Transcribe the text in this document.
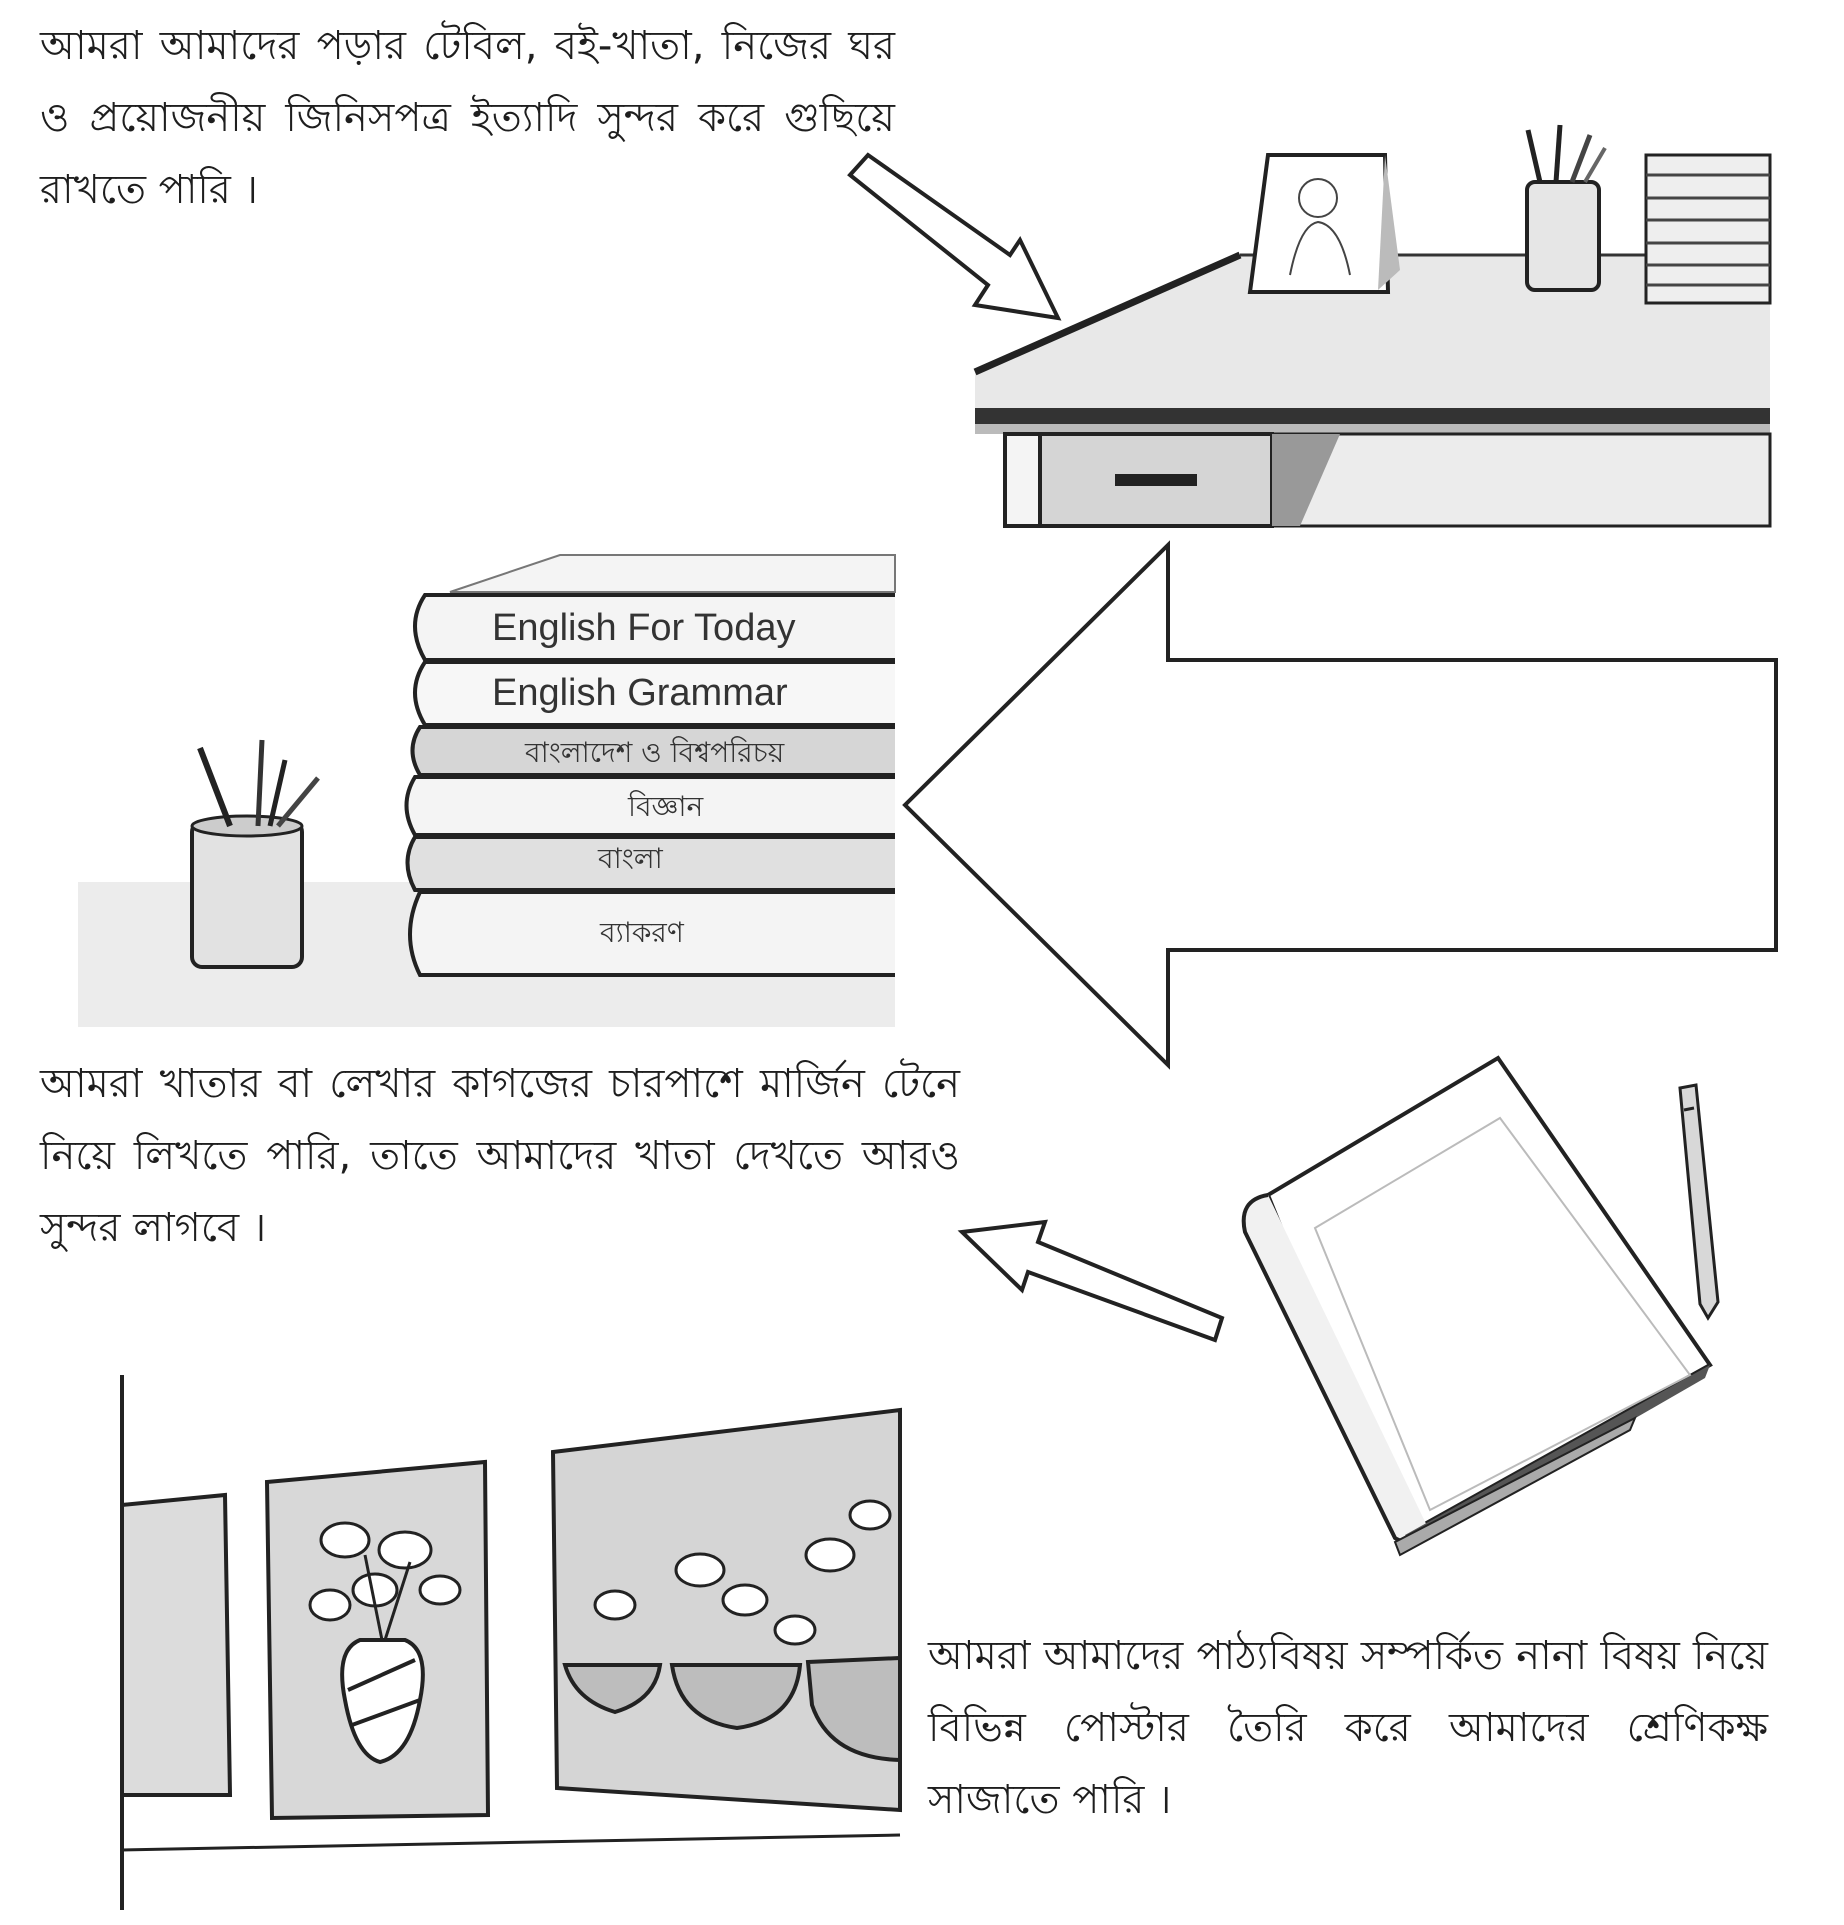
আমরা আমাদের পড়ার টেবিল, বই-খাতা, নিজের ঘর ও প্রয়োজনীয় জিনিসপত্র ইত্যাদি সুন্দর করে গুছিয়ে রাখতে পারি ।
আমরা খাতার বা লেখার কাগজের চারপাশে মার্জিন টেনে নিয়ে লিখতে পারি, তাতে আমাদের খাতা দেখতে আরও সুন্দর লাগবে ।
আমরা আমাদের পাঠ্যবিষয় সম্পর্কিত নানা বিষয় নিয়ে বিভিন্ন পোস্টার তৈরি করে আমাদের শ্রেণিকক্ষ সাজাতে পারি ।
English For Today
English Grammar
বাংলাদেশ ও বিশ্বপরিচয়
বিজ্ঞান
বাংলা
ব্যাকরণ
